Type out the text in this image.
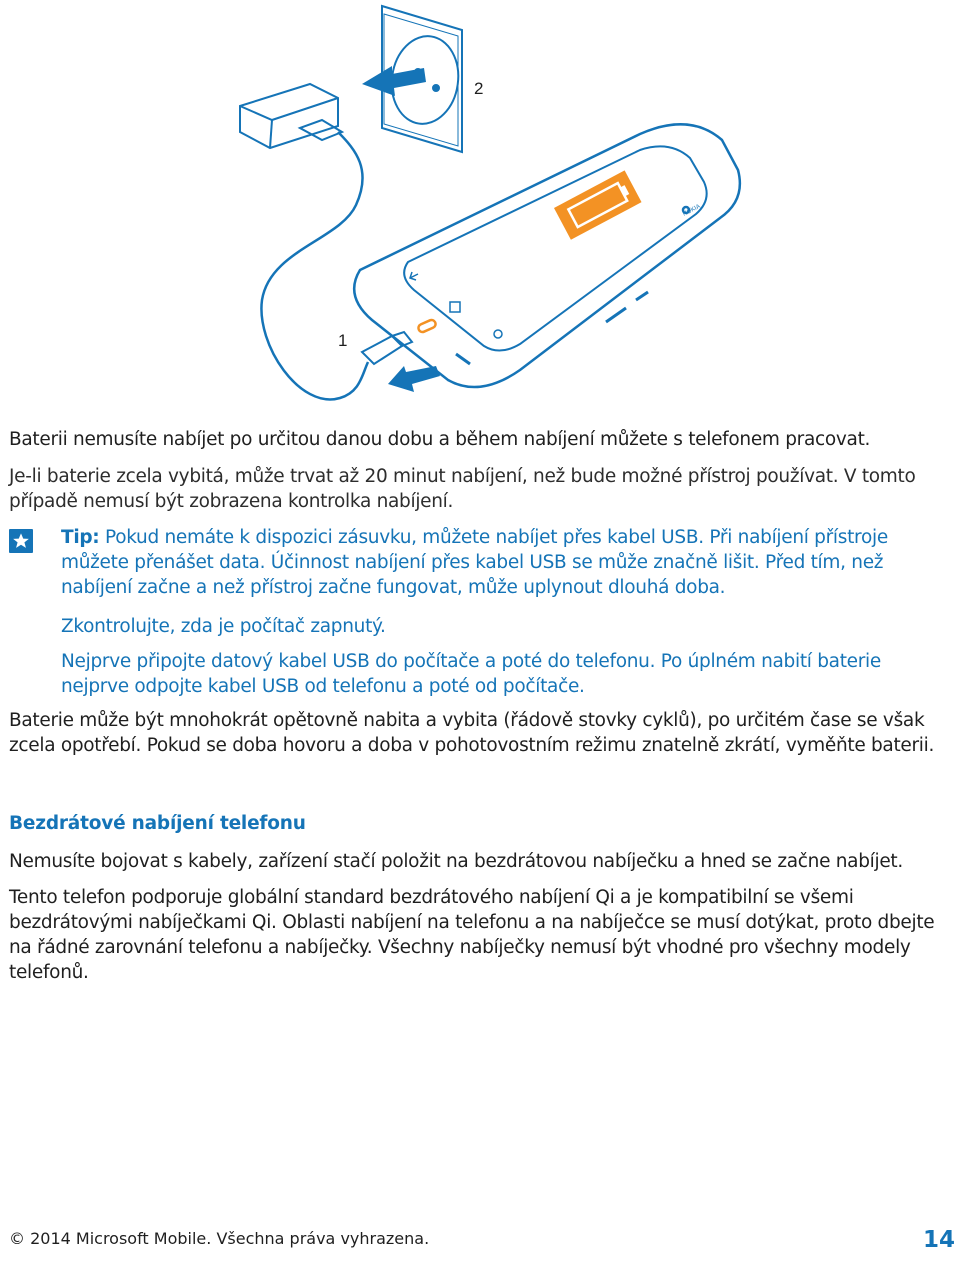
2
1
NOKIA

Baterii nemusíte nabíjet po určitou danou dobu a během nabíjení můžete s telefonem pracovat.

Je-li baterie zcela vybitá, může trvat až 20 minut nabíjení, než bude možné přístroj používat. V tomto případě nemusí být zobrazena kontrolka nabíjení.

Tip: Pokud nemáte k dispozici zásuvku, můžete nabíjet přes kabel USB. Při nabíjení přístroje můžete přenášet data. Účinnost nabíjení přes kabel USB se může značně lišit. Před tím, než nabíjení začne a než přístroj začne fungovat, může uplynout dlouhá doba.

Zkontrolujte, zda je počítač zapnutý.

Nejprve připojte datový kabel USB do počítače a poté do telefonu. Po úplném nabití baterie nejprve odpojte kabel USB od telefonu a poté od počítače.

Baterie může být mnohokrát opětovně nabita a vybita (řádově stovky cyklů), po určitém čase se však zcela opotřebí. Pokud se doba hovoru a doba v pohotovostním režimu znatelně zkrátí, vyměňte baterii.

Bezdrátové nabíjení telefonu

Nemusíte bojovat s kabely, zařízení stačí položit na bezdrátovou nabíječku a hned se začne nabíjet.

Tento telefon podporuje globální standard bezdrátového nabíjení Qi a je kompatibilní se všemi bezdrátovými nabíječkami Qi. Oblasti nabíjení na telefonu a na nabíječce se musí dotýkat, proto dbejte na řádné zarovnání telefonu a nabíječky. Všechny nabíječky nemusí být vhodné pro všechny modely telefonů.

© 2014 Microsoft Mobile. Všechna práva vyhrazena.	14
